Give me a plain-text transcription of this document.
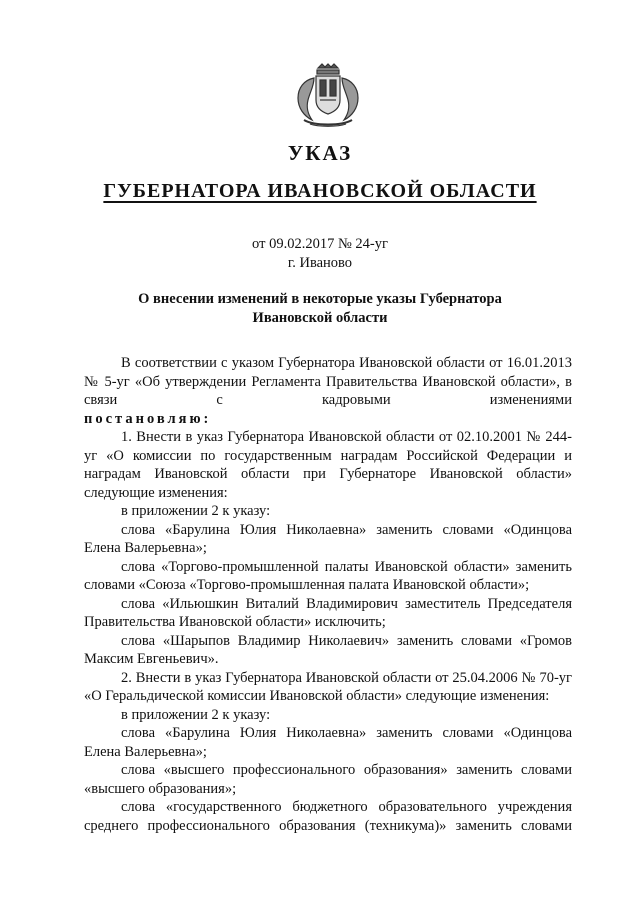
УКАЗ
ГУБЕРНАТОРА ИВАНОВСКОЙ ОБЛАСТИ
от 09.02.2017 № 24-уг
г. Иваново
О внесении изменений в некоторые указы Губернатора
Ивановской области

В соответствии с указом Губернатора Ивановской области от 16.01.2013 № 5-уг «Об утверждении Регламента Правительства Ивановской области», в связи с кадровыми изменениями

постановляю:

1. Внести в указ Губернатора Ивановской области от 02.10.2001 № 244-уг «О комиссии по государственным наградам Российской Федерации и наградам Ивановской области при Губернаторе Ивановской области» следующие изменения:

в приложении 2 к указу:

слова «Барулина Юлия Николаевна» заменить словами «Одинцова Елена Валерьевна»;

слова «Торгово-промышленной палаты Ивановской области» заменить словами «Союза «Торгово-промышленная палата Ивановской области»;

слова «Ильюшкин Виталий Владимирович заместитель Председателя Правительства Ивановской области» исключить;

слова «Шарыпов Владимир Николаевич» заменить словами «Громов Максим Евгеньевич».

2. Внести в указ Губернатора Ивановской области от 25.04.2006 № 70-уг «О Геральдической комиссии Ивановской области» следующие изменения:

в приложении 2 к указу:

слова «Барулина Юлия Николаевна» заменить словами «Одинцова Елена Валерьевна»;

слова «высшего профессионального образования» заменить словами «высшего образования»;

слова «государственного бюджетного образовательного учреждения среднего профессионального образования (техникума)» заменить словами
